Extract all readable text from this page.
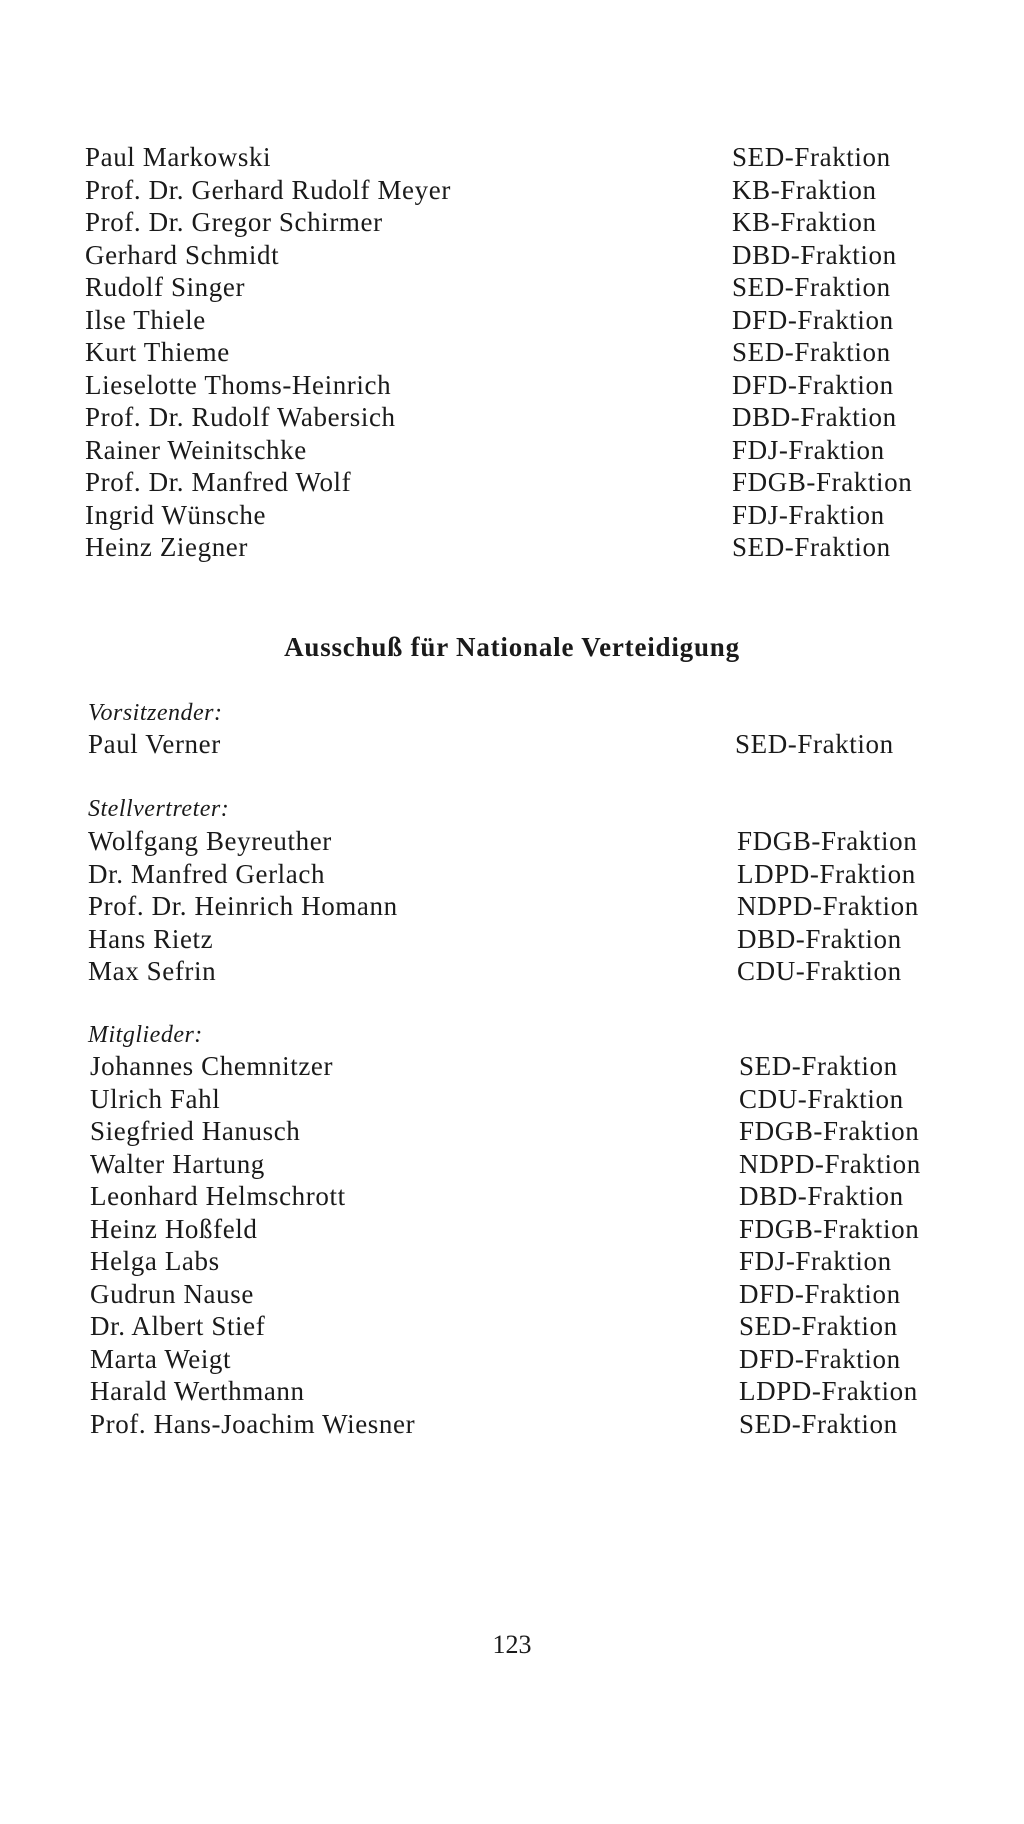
Paul Markowski	SED-Fraktion
Prof. Dr. Gerhard Rudolf Meyer	KB-Fraktion
Prof. Dr. Gregor Schirmer	KB-Fraktion
Gerhard Schmidt	DBD-Fraktion
Rudolf Singer	SED-Fraktion
Ilse Thiele	DFD-Fraktion
Kurt Thieme	SED-Fraktion
Lieselotte Thoms-Heinrich	DFD-Fraktion
Prof. Dr. Rudolf Wabersich	DBD-Fraktion
Rainer Weinitschke	FDJ-Fraktion
Prof. Dr. Manfred Wolf	FDGB-Fraktion
Ingrid Wünsche	FDJ-Fraktion
Heinz Ziegner	SED-Fraktion
Ausschuß für Nationale Verteidigung

Vorsitzender:

Paul Verner	SED-Fraktion

Stellvertreter:

Wolfgang Beyreuther	FDGB-Fraktion
Dr. Manfred Gerlach	LDPD-Fraktion
Prof. Dr. Heinrich Homann	NDPD-Fraktion
Hans Rietz	DBD-Fraktion
Max Sefrin	CDU-Fraktion

Mitglieder:

Johannes Chemnitzer	SED-Fraktion
Ulrich Fahl	CDU-Fraktion
Siegfried Hanusch	FDGB-Fraktion
Walter Hartung	NDPD-Fraktion
Leonhard Helmschrott	DBD-Fraktion
Heinz Hoßfeld	FDGB-Fraktion
Helga Labs	FDJ-Fraktion
Gudrun Nause	DFD-Fraktion
Dr. Albert Stief	SED-Fraktion
Marta Weigt	DFD-Fraktion
Harald Werthmann	LDPD-Fraktion
Prof. Hans-Joachim Wiesner	SED-Fraktion

123
